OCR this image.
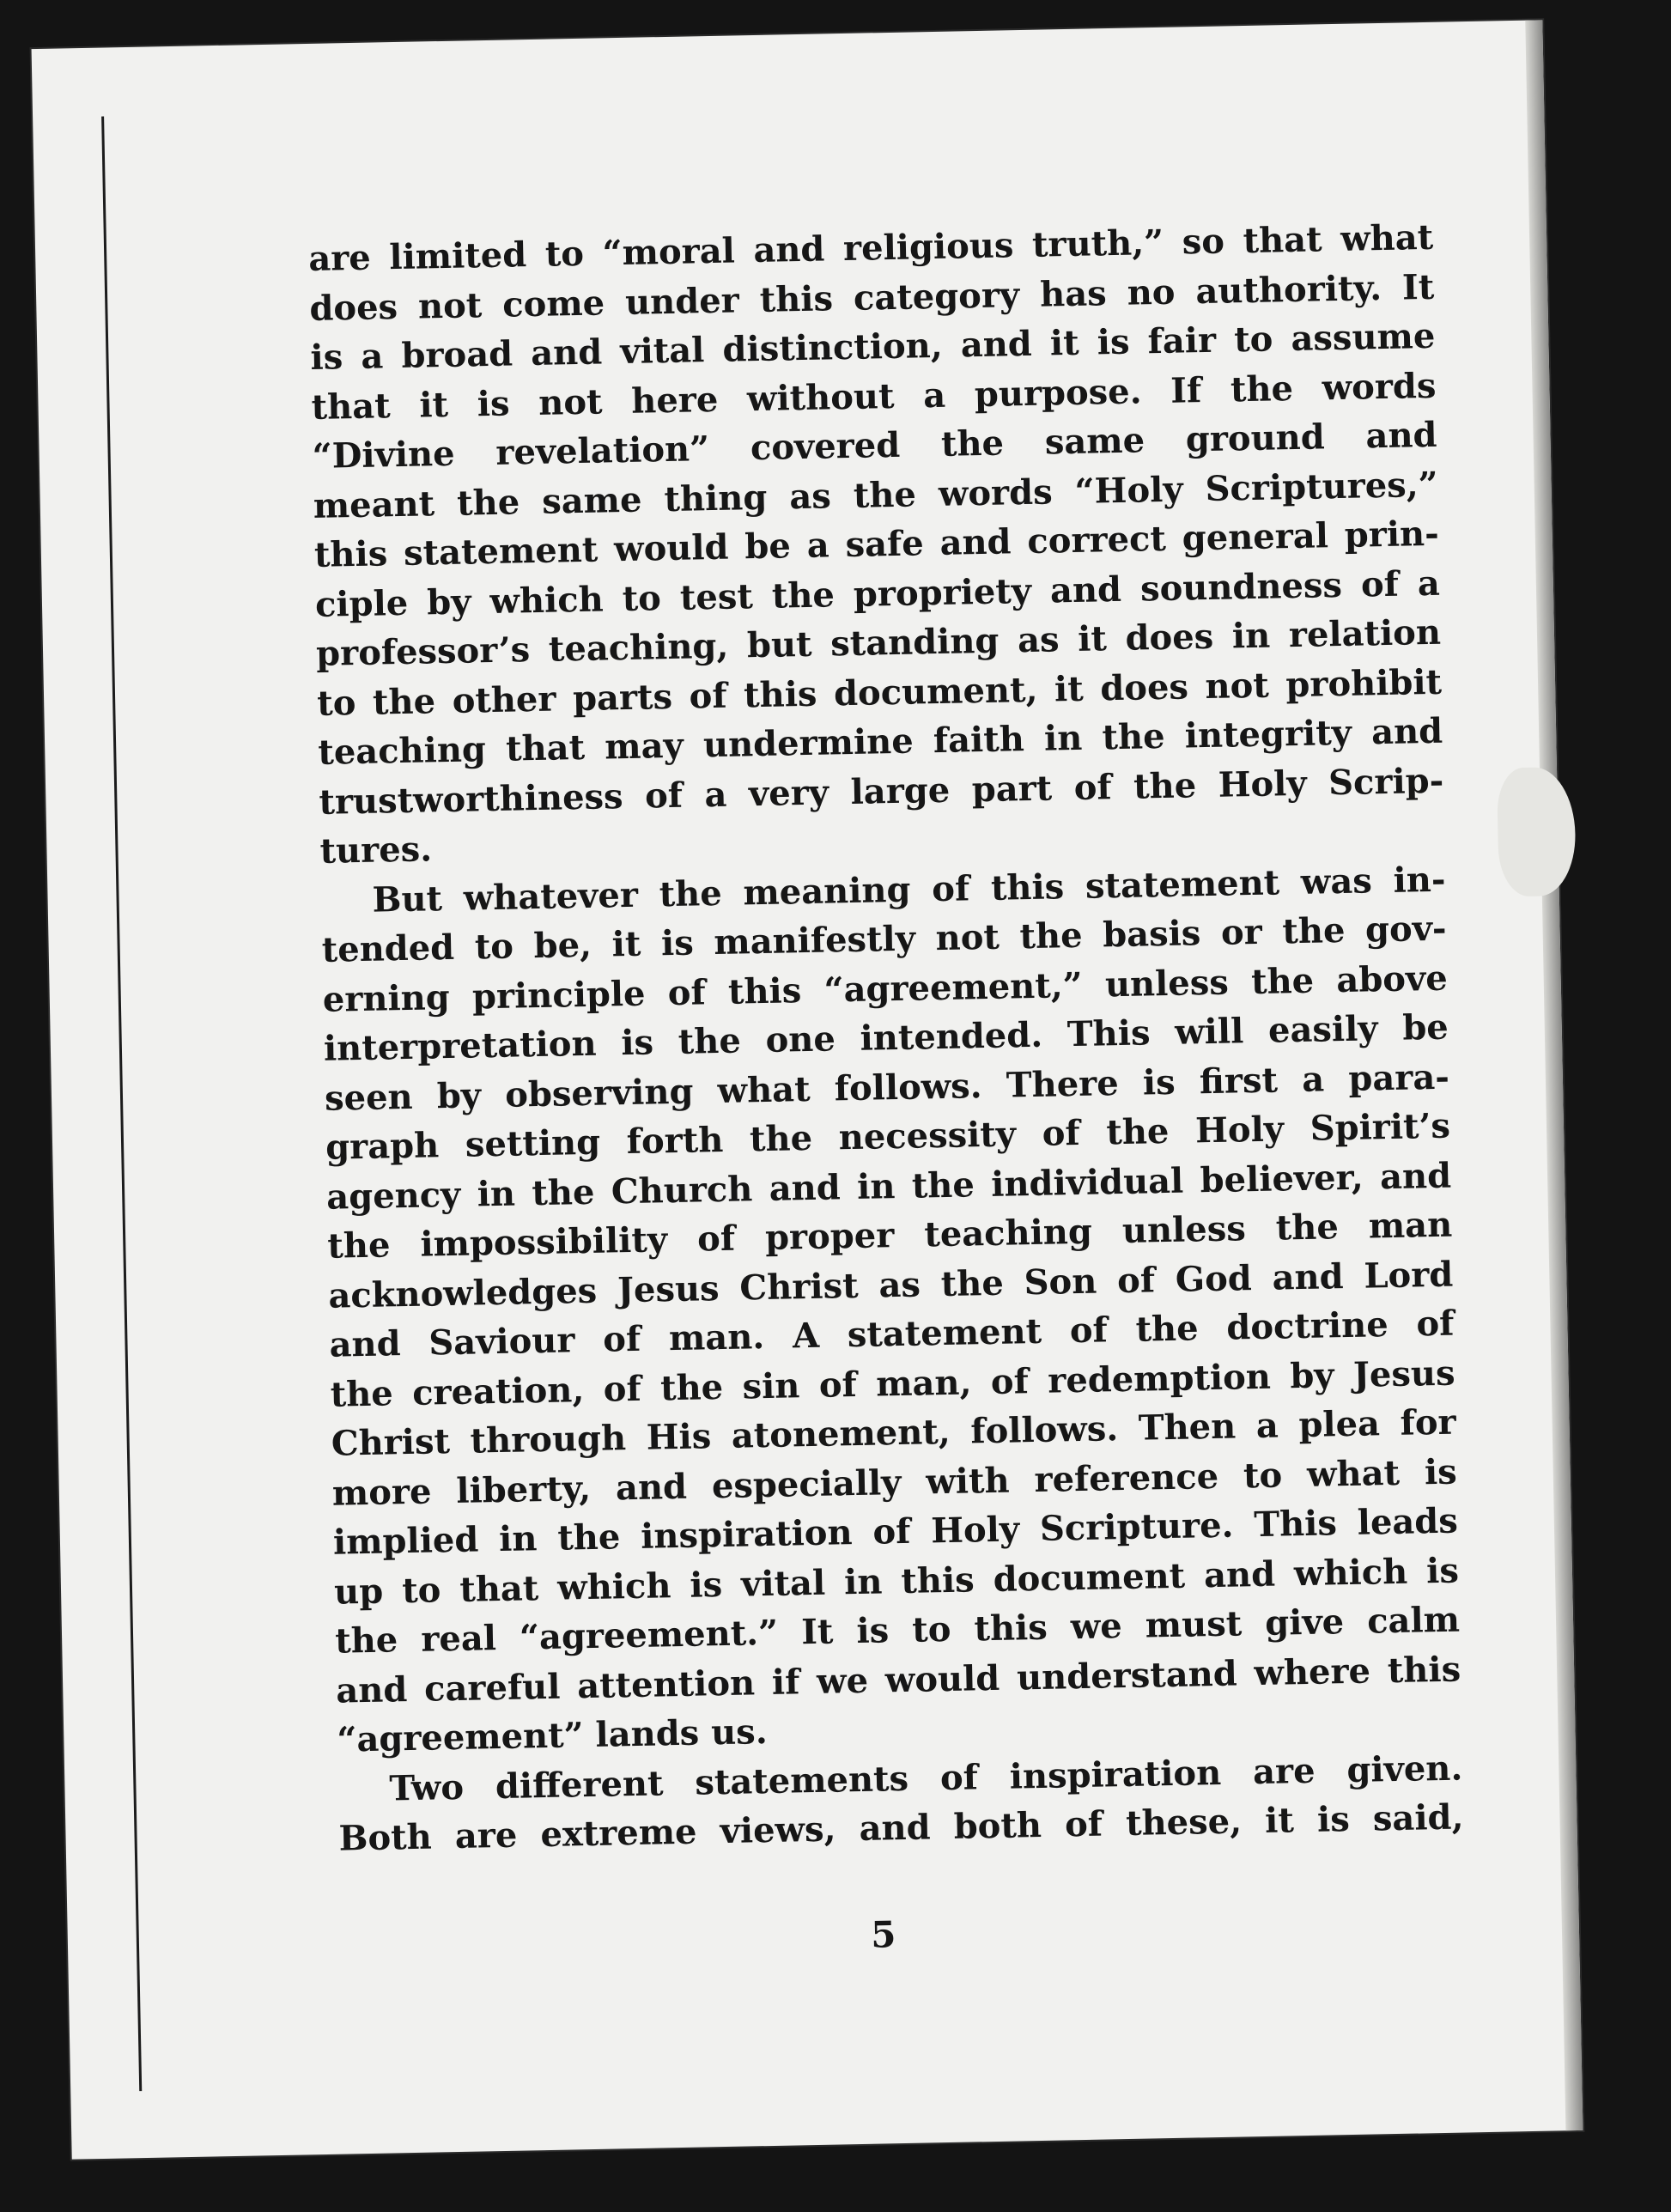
are limited to “moral and religious truth,” so that what
does not come under this category has no authority. It
is a broad and vital distinction, and it is fair to assume
that it is not here without a purpose. If the words
“Divine revelation” covered the same ground and
meant the same thing as the words “Holy Scriptures,”
this statement would be a safe and correct general prin-
ciple by which to test the propriety and soundness of a
professor’s teaching, but standing as it does in relation
to the other parts of this document, it does not prohibit
teaching that may undermine faith in the integrity and
trustworthiness of a very large part of the Holy Scrip-
tures.
But whatever the meaning of this statement was in-
tended to be, it is manifestly not the basis or the gov-
erning principle of this “agreement,” unless the above
interpretation is the one intended. This will easily be
seen by observing what follows. There is first a para-
graph setting forth the necessity of the Holy Spirit’s
agency in the Church and in the individual believer, and
the impossibility of proper teaching unless the man
acknowledges Jesus Christ as the Son of God and Lord
and Saviour of man. A statement of the doctrine of
the creation, of the sin of man, of redemption by Jesus
Christ through His atonement, follows. Then a plea for
more liberty, and especially with reference to what is
implied in the inspiration of Holy Scripture. This leads
up to that which is vital in this document and which is
the real “agreement.” It is to this we must give calm
and careful attention if we would understand where this
“agreement” lands us.
Two different statements of inspiration are given.
Both are extreme views, and both of these, it is said,
5
